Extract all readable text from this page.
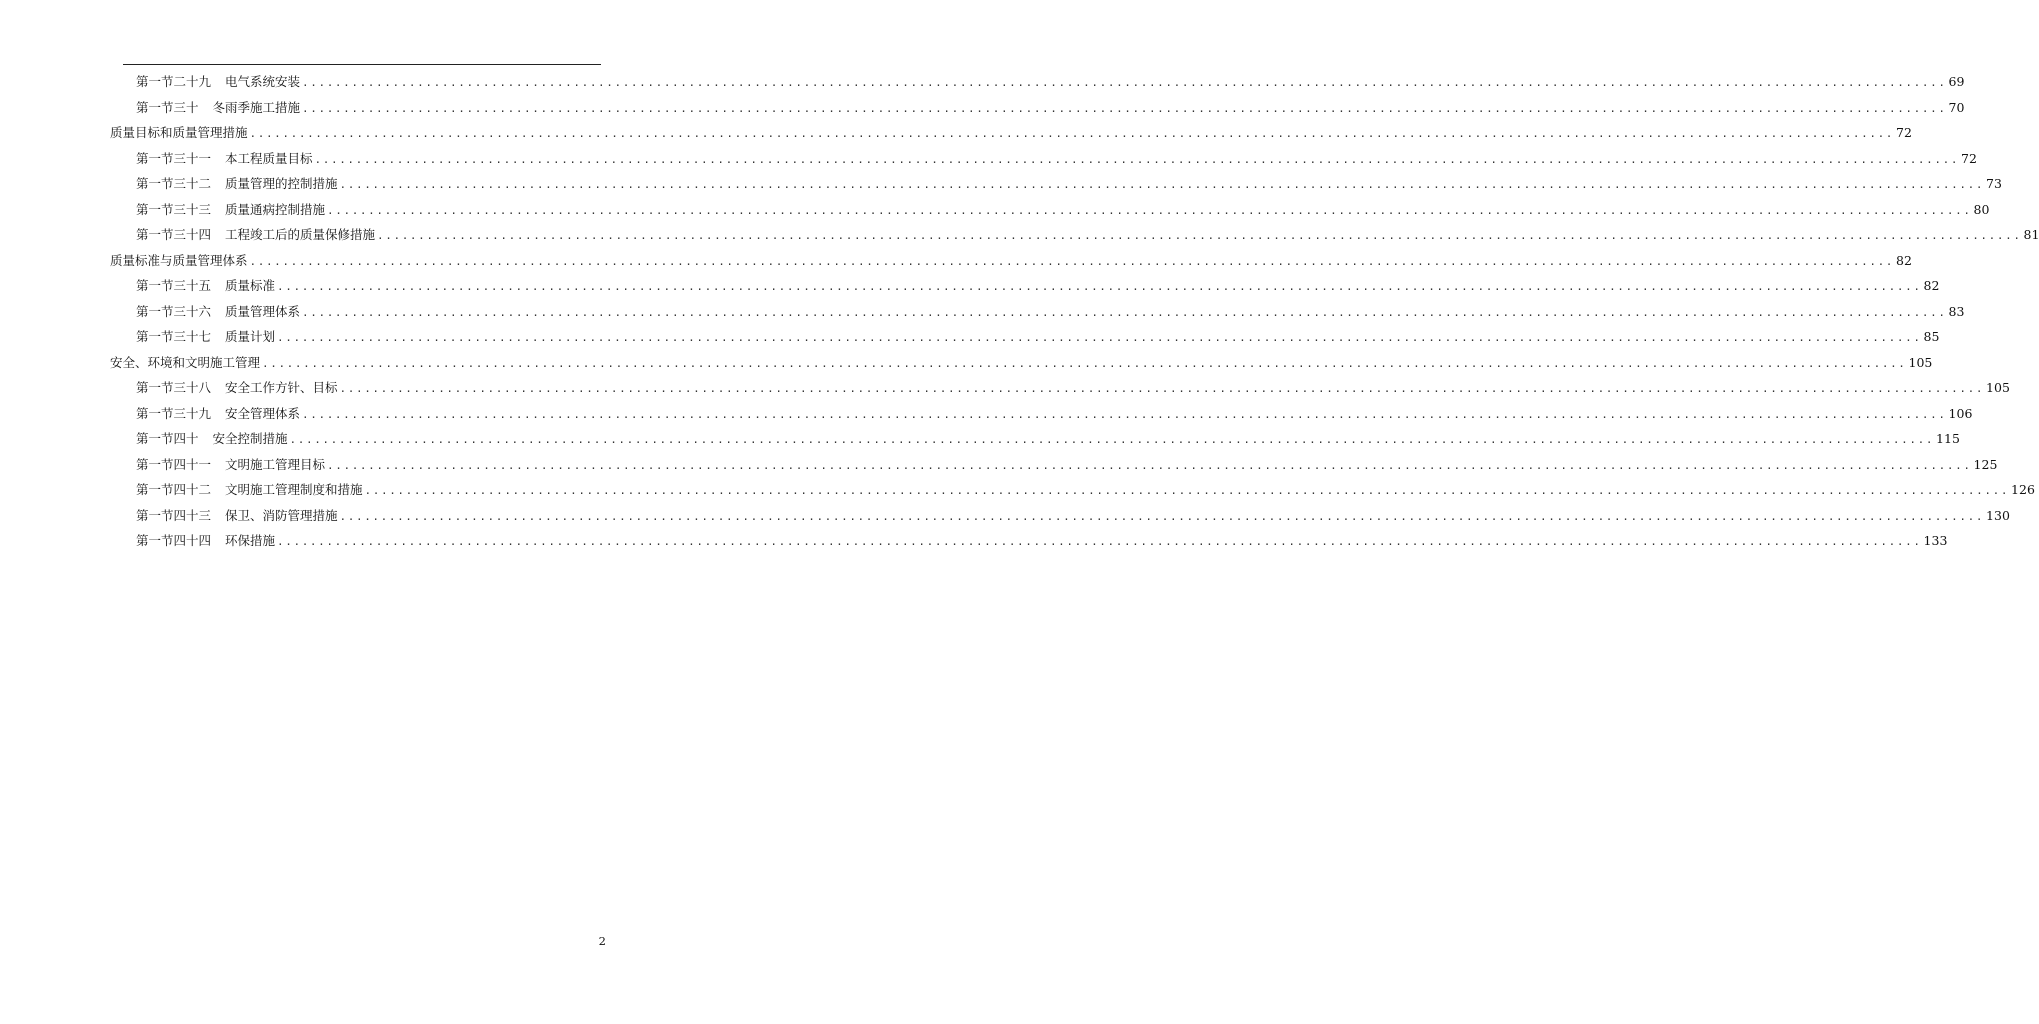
第一节二十九 电气系统安装 ........................................................................................................................................................................................................ 69
第一节三十 冬雨季施工措施 ........................................................................................................................................................................................................ 70
质量目标和质量管理措施 ........................................................................................................................................................................................................ 72
第一节三十一 本工程质量目标 ........................................................................................................................................................................................................ 72
第一节三十二 质量管理的控制措施 ........................................................................................................................................................................................................ 73
第一节三十三 质量通病控制措施 ........................................................................................................................................................................................................ 80
第一节三十四 工程竣工后的质量保修措施 ........................................................................................................................................................................................................ 81
质量标准与质量管理体系 ........................................................................................................................................................................................................ 82
第一节三十五 质量标准 ........................................................................................................................................................................................................ 82
第一节三十六 质量管理体系 ........................................................................................................................................................................................................ 83
第一节三十七 质量计划 ........................................................................................................................................................................................................ 85
安全、环境和文明施工管理 ........................................................................................................................................................................................................ 105
第一节三十八 安全工作方针、目标 ........................................................................................................................................................................................................ 105
第一节三十九 安全管理体系 ........................................................................................................................................................................................................ 106
第一节四十 安全控制措施 ........................................................................................................................................................................................................ 115
第一节四十一 文明施工管理目标 ........................................................................................................................................................................................................ 125
第一节四十二 文明施工管理制度和措施 ........................................................................................................................................................................................................ 126
第一节四十三 保卫、消防管理措施 ........................................................................................................................................................................................................ 130
第一节四十四 环保措施 ........................................................................................................................................................................................................ 133
2
